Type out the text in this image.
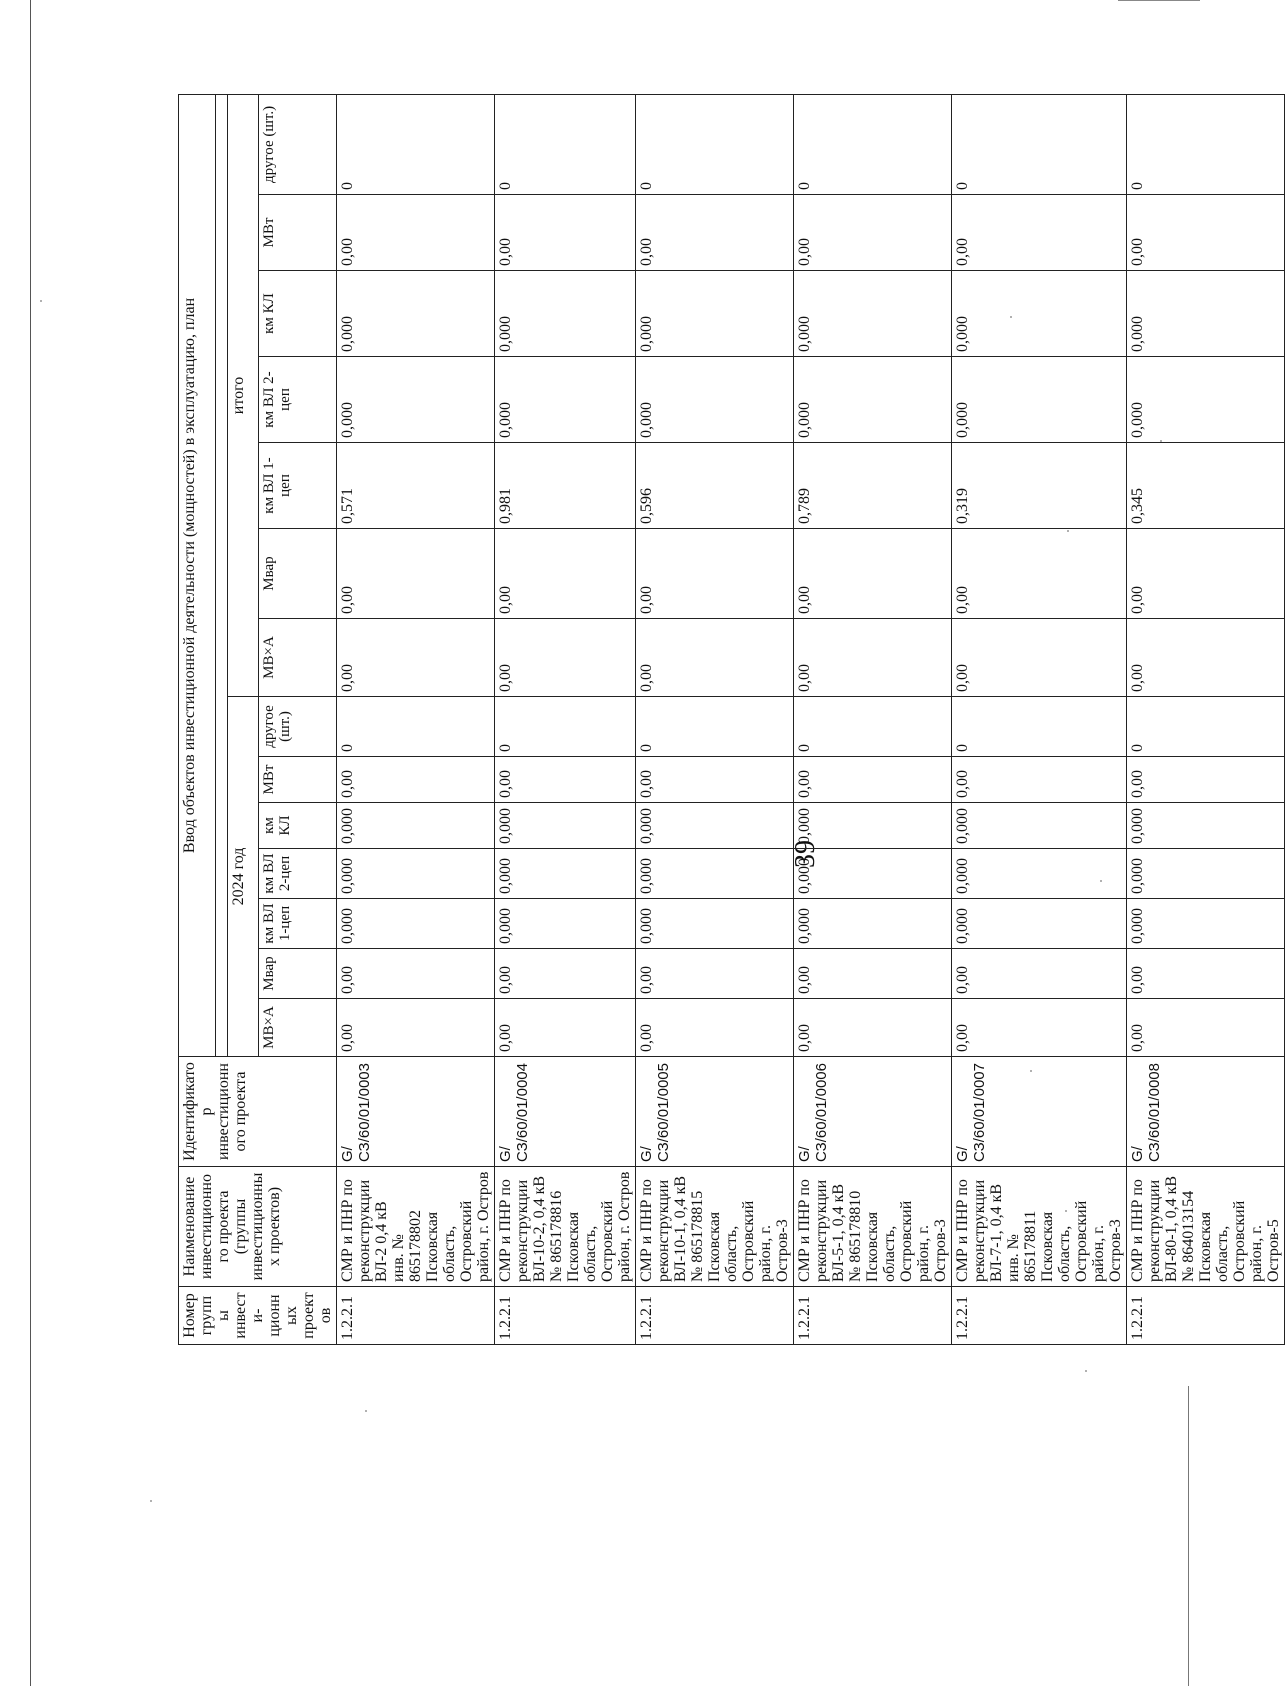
39
Номер группы инвести-ционных проектов	Наименование инвестиционного проекта (группы инвестиционных проектов)	Идентификатор инвестиционного проекта	Ввод объектов инвестиционной деятельности (мощностей) в эксплуатацию, план													

			2024 год							итого						
			МВ×А	Мвар	км ВЛ 1-цеп	км ВЛ 2-цеп	км КЛ	МВт	другое (шт.)	МВ×А	Мвар	км ВЛ 1-цеп	км ВЛ 2-цеп	км КЛ	МВт	другое (шт.)
1.2.2.1	СМР и ПНР по реконструкции ВЛ-2 0,4 кВ инв. № 865178802 Псковская область, Островский район, г. Остров	G/СЗ/60/01/0003	0,00	0,00	0,000	0,000	0,000	0,00	0	0,00	0,00	0,571	0,000	0,000	0,00	0
1.2.2.1	СМР и ПНР по реконструкции ВЛ-10-2, 0,4 кВ № 865178816 Псковская область, Островский район, г. Остров	G/СЗ/60/01/0004	0,00	0,00	0,000	0,000	0,000	0,00	0	0,00	0,00	0,981	0,000	0,000	0,00	0
1.2.2.1	СМР и ПНР по реконструкции ВЛ-10-1, 0,4 кВ № 865178815 Псковская область, Островский район, г. Остров-3	G/СЗ/60/01/0005	0,00	0,00	0,000	0,000	0,000	0,00	0	0,00	0,00	0,596	0,000	0,000	0,00	0
1.2.2.1	СМР и ПНР по реконструкции ВЛ-5-1, 0,4 кВ № 865178810 Псковская область, Островский район, г. Остров-3	G/СЗ/60/01/0006	0,00	0,00	0,000	0,000	0,000	0,00	0	0,00	0,00	0,789	0,000	0,000	0,00	0
1.2.2.1	СМР и ПНР по реконструкции ВЛ-7-1, 0,4 кВ инв. № 865178811 Псковская область, Островский район, г. Остров-3	G/СЗ/60/01/0007	0,00	0,00	0,000	0,000	0,000	0,00	0	0,00	0,00	0,319	0,000	0,000	0,00	0
1.2.2.1	СМР и ПНР по реконструкции ВЛ-80-1, 0,4 кВ № 864013154 Псковская область, Островский район, г. Остров-5	G/СЗ/60/01/0008	0,00	0,00	0,000	0,000	0,000	0,00	0	0,00	0,00	0,345	0,000	0,000	0,00	0
